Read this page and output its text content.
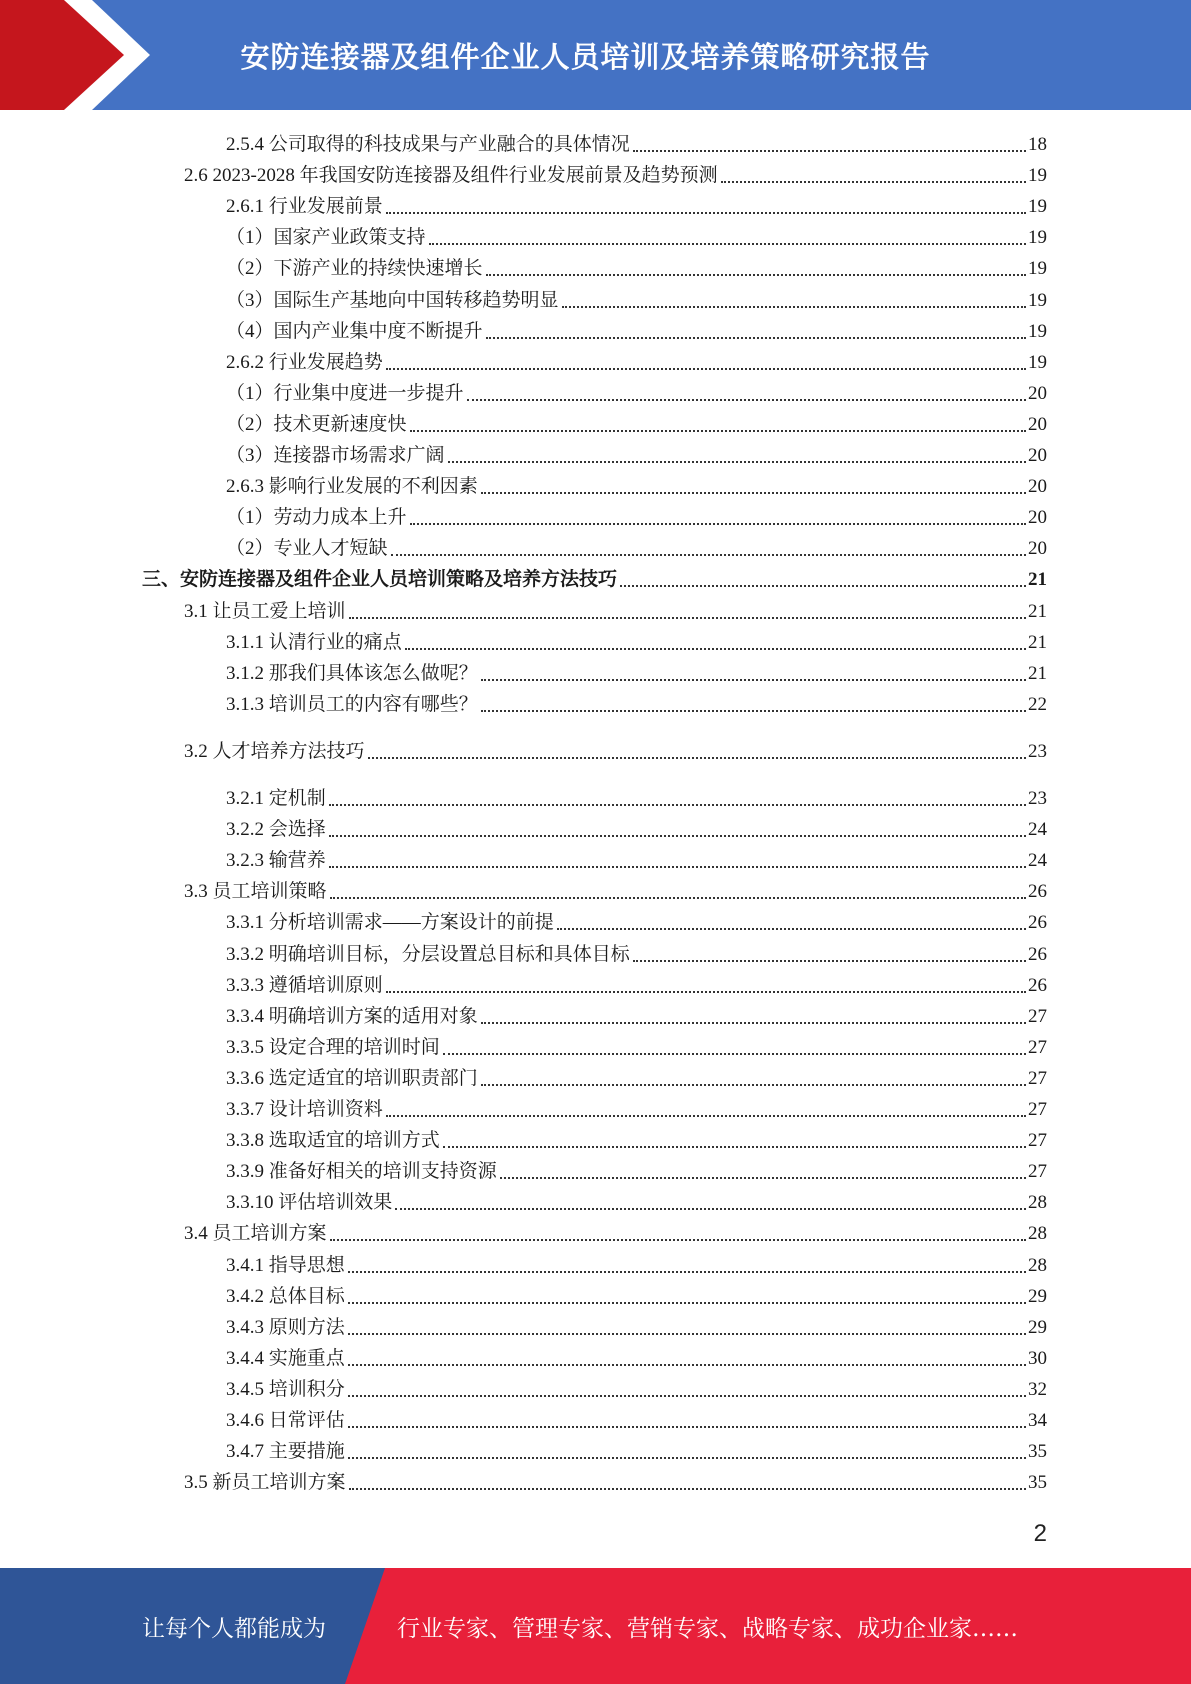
安防连接器及组件企业人员培训及培养策略研究报告
2.5.4 公司取得的科技成果与产业融合的具体情况	18
2.6 2023-2028 年我国安防连接器及组件行业发展前景及趋势预测	19
2.6.1 行业发展前景	19
（1）国家产业政策支持	19
（2）下游产业的持续快速增长	19
（3）国际生产基地向中国转移趋势明显	19
（4）国内产业集中度不断提升	19
2.6.2 行业发展趋势	19
（1）行业集中度进一步提升	20
（2）技术更新速度快	20
（3）连接器市场需求广阔	20
2.6.3 影响行业发展的不利因素	20
（1）劳动力成本上升	20
（2）专业人才短缺	20
三、安防连接器及组件企业人员培训策略及培养方法技巧	21
3.1 让员工爱上培训	21
3.1.1 认清行业的痛点	21
3.1.2 那我们具体该怎么做呢？	21
3.1.3 培训员工的内容有哪些？	22
3.2 人才培养方法技巧	23
3.2.1 定机制	23
3.2.2 会选择	24
3.2.3 输营养	24
3.3 员工培训策略	26
3.3.1 分析培训需求——方案设计的前提	26
3.3.2 明确培训目标，分层设置总目标和具体目标	26
3.3.3 遵循培训原则	26
3.3.4 明确培训方案的适用对象	27
3.3.5 设定合理的培训时间	27
3.3.6 选定适宜的培训职责部门	27
3.3.7 设计培训资料	27
3.3.8 选取适宜的培训方式	27
3.3.9 准备好相关的培训支持资源	27
3.3.10 评估培训效果	28
3.4 员工培训方案	28
3.4.1 指导思想	28
3.4.2 总体目标	29
3.4.3 原则方法	29
3.4.4 实施重点	30
3.4.5 培训积分	32
3.4.6 日常评估	34
3.4.7 主要措施	35
3.5 新员工培训方案	35
2
让每个人都能成为	行业专家、管理专家、营销专家、战略专家、成功企业家……
